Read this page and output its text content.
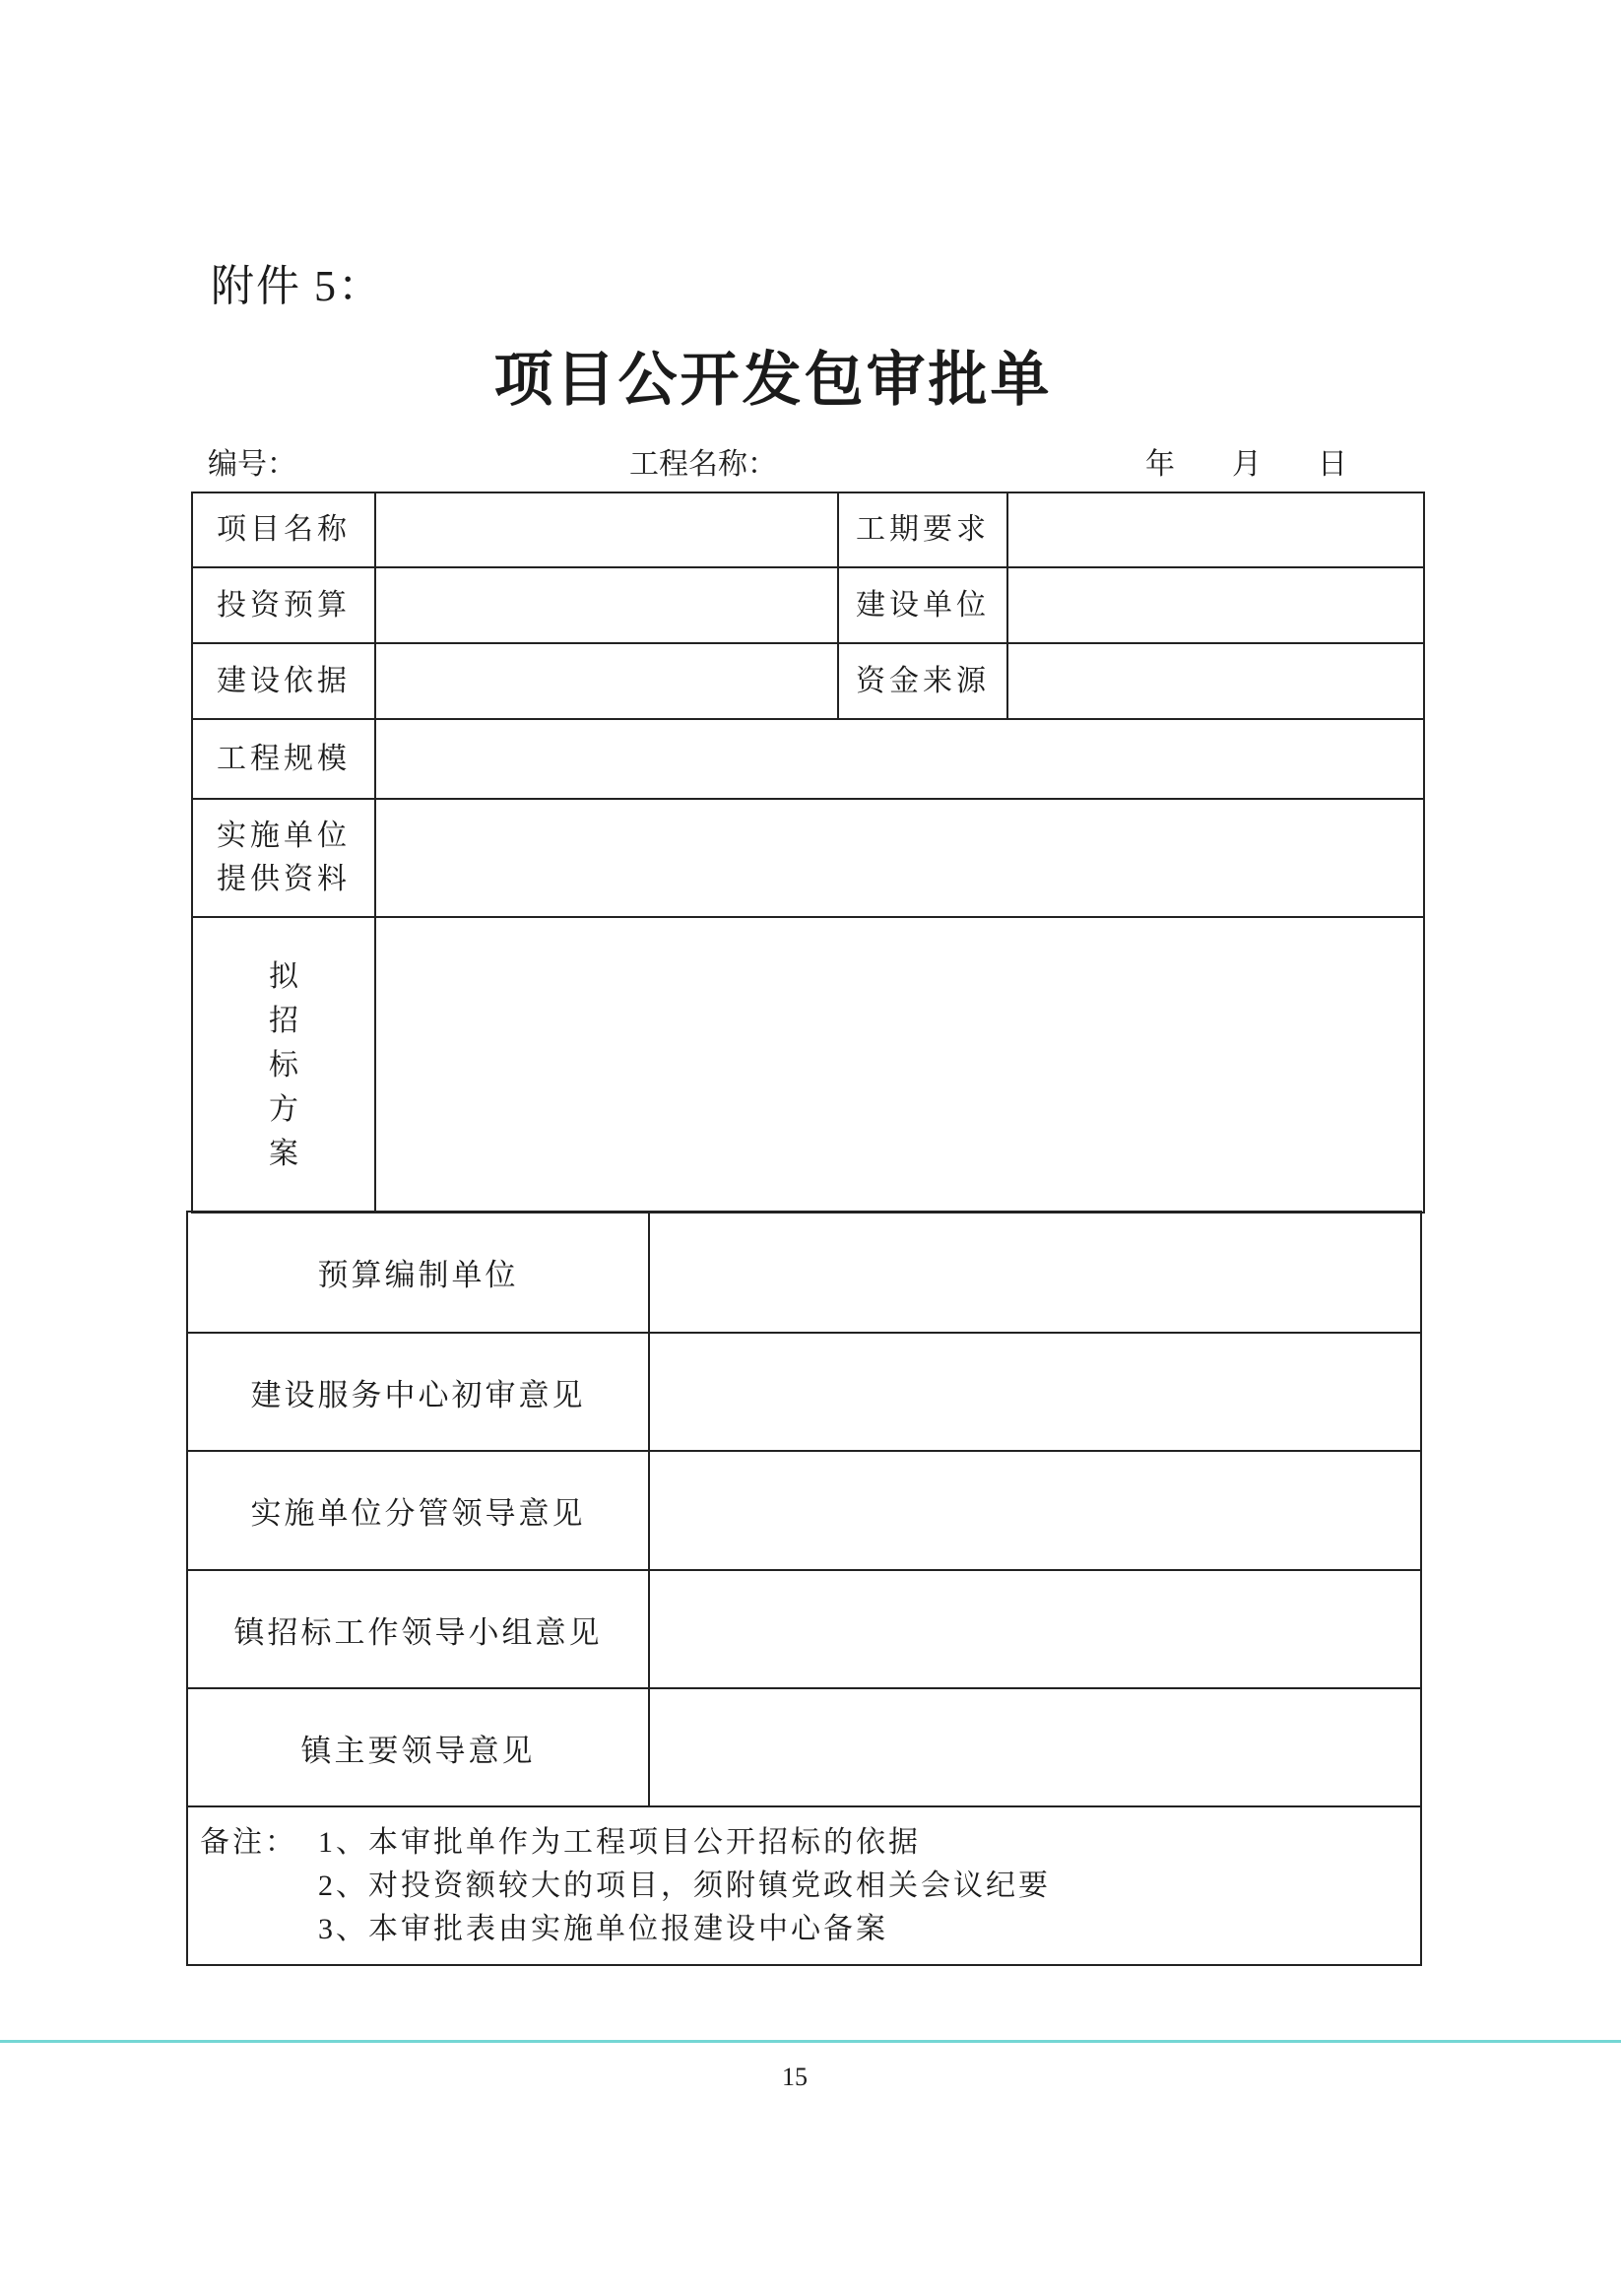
附件 5：
项目公开发包审批单
编号：	工程名称：	年 月 日
项目名称		工期要求	
投资预算		建设单位	
建设依据		资金来源	
工程规模			

实施单位
提供资料			

拟
招
标
方
案			

预算编制单位	
建设服务中心初审意见	
实施单位分管领导意见	
镇招标工作领导小组意见	
镇主要领导意见	

备注： 1、本审批单作为工程项目公开招标的依据
2、对投资额较大的项目，须附镇党政相关会议纪要
3、本审批表由实施单位报建设中心备案	
15
